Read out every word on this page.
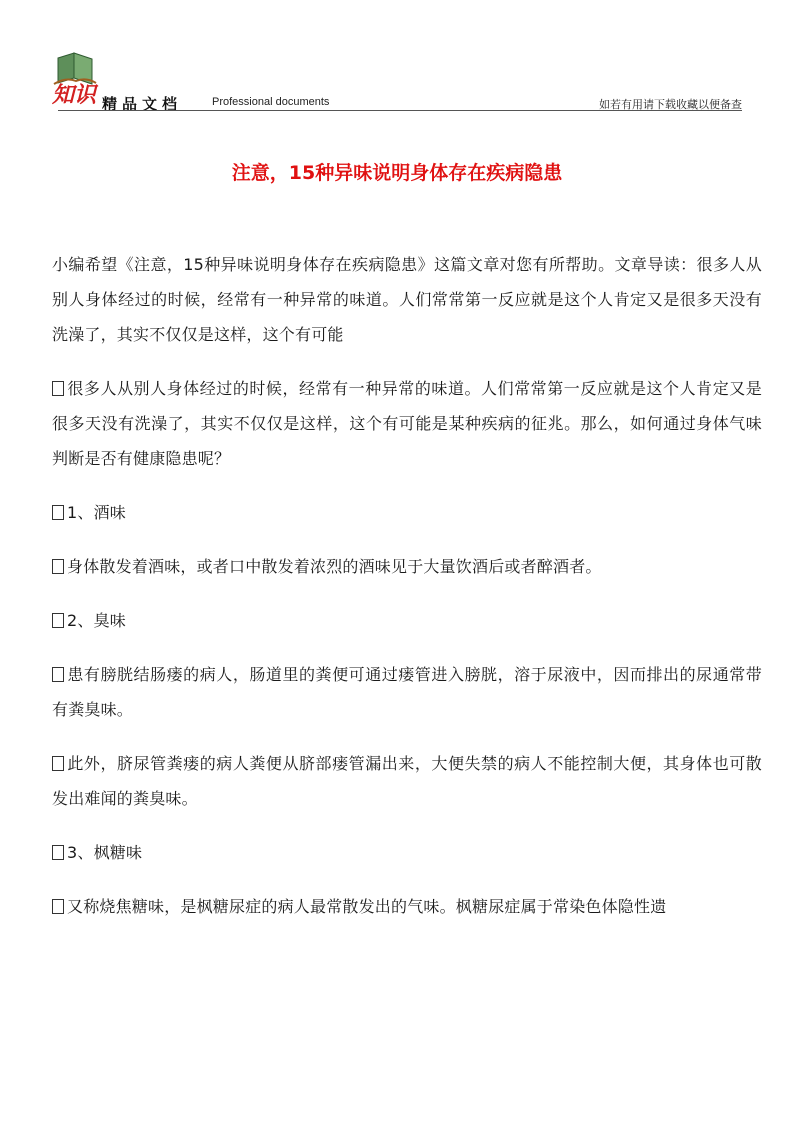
知识 精品文档	Professional documents	如若有用请下载收藏以便备查
注意，15种异味说明身体存在疾病隐患

小编希望《注意，15种异味说明身体存在疾病隐患》这篇文章对您有所帮助。文章导读：很多人从别人身体经过的时候，经常有一种异常的味道。人们常常第一反应就是这个人肯定又是很多天没有洗澡了，其实不仅仅是这样，这个有可能

很多人从别人身体经过的时候，经常有一种异常的味道。人们常常第一反应就是这个人肯定又是很多天没有洗澡了，其实不仅仅是这样，这个有可能是某种疾病的征兆。那么，如何通过身体气味判断是否有健康隐患呢？

1、酒味

身体散发着酒味，或者口中散发着浓烈的酒味见于大量饮酒后或者醉酒者。

2、臭味

患有膀胱结肠瘘的病人，肠道里的粪便可通过瘘管进入膀胱，溶于尿液中，因而排出的尿通常带有粪臭味。

此外，脐尿管粪瘘的病人粪便从脐部瘘管漏出来，大便失禁的病人不能控制大便，其身体也可散发出难闻的粪臭味。

3、枫糖味

又称烧焦糖味，是枫糖尿症的病人最常散发出的气味。枫糖尿症属于常染色体隐性遗
